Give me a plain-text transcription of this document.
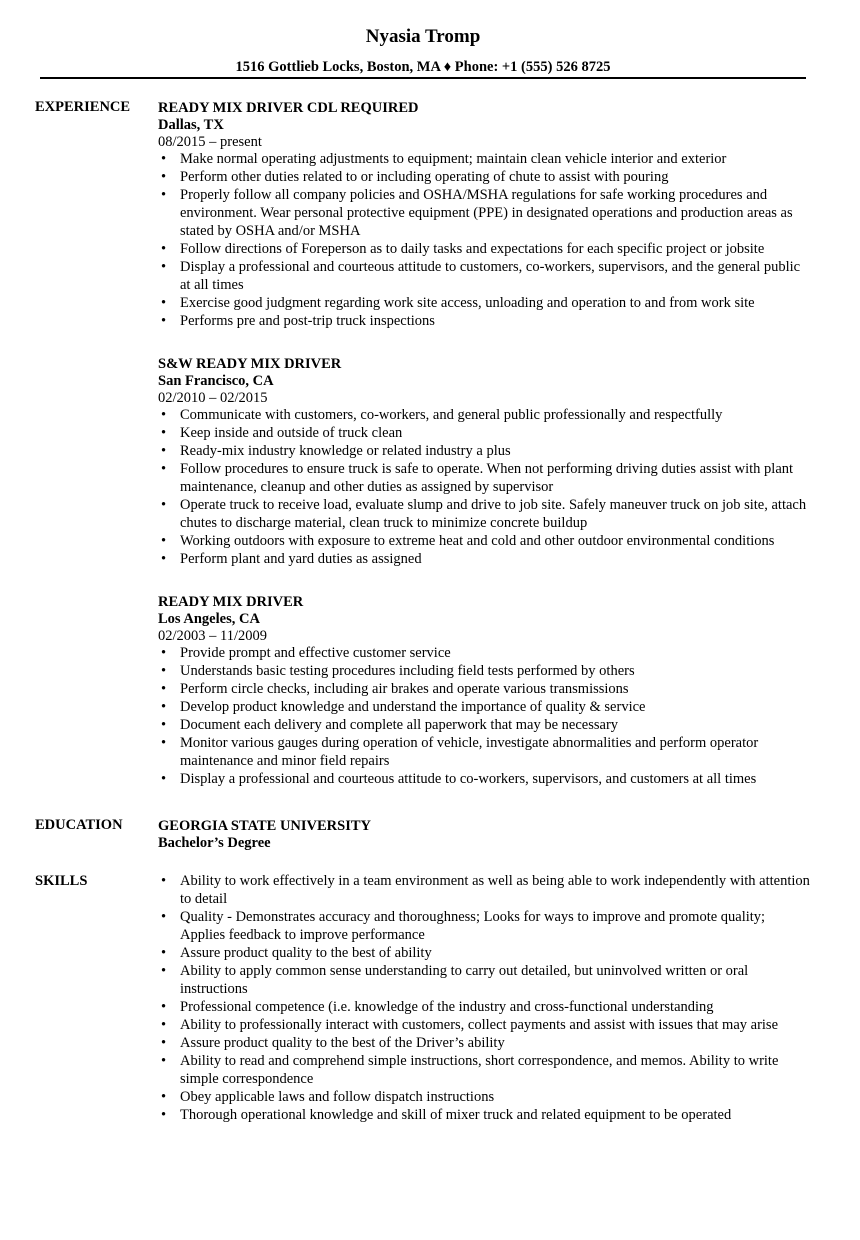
Nyasia Tromp
1516 Gottlieb Locks, Boston, MA ♦ Phone: +1 (555) 526 8725
EXPERIENCE READY MIX DRIVER CDL REQUIRED
Dallas, TX
08/2015 – present
• Make normal operating adjustments to equipment; maintain clean vehicle interior and exterior
• Perform other duties related to or including operating of chute to assist with pouring
• Properly follow all company policies and OSHA/MSHA regulations for safe working procedures and environment. Wear personal protective equipment (PPE) in designated operations and production areas as stated by OSHA and/or MSHA
• Follow directions of Foreperson as to daily tasks and expectations for each specific project or jobsite
• Display a professional and courteous attitude to customers, co-workers, supervisors, and the general public at all times
• Exercise good judgment regarding work site access, unloading and operation to and from work site
• Performs pre and post-trip truck inspections
S&W READY MIX DRIVER
San Francisco, CA
02/2010 – 02/2015
• Communicate with customers, co-workers, and general public professionally and respectfully
• Keep inside and outside of truck clean
• Ready-mix industry knowledge or related industry a plus
• Follow procedures to ensure truck is safe to operate. When not performing driving duties assist with plant maintenance, cleanup and other duties as assigned by supervisor
• Operate truck to receive load, evaluate slump and drive to job site. Safely maneuver truck on job site, attach chutes to discharge material, clean truck to minimize concrete buildup
• Working outdoors with exposure to extreme heat and cold and other outdoor environmental conditions
• Perform plant and yard duties as assigned
READY MIX DRIVER
Los Angeles, CA
02/2003 – 11/2009
• Provide prompt and effective customer service
• Understands basic testing procedures including field tests performed by others
• Perform circle checks, including air brakes and operate various transmissions
• Develop product knowledge and understand the importance of quality & service
• Document each delivery and complete all paperwork that may be necessary
• Monitor various gauges during operation of vehicle, investigate abnormalities and perform operator maintenance and minor field repairs
• Display a professional and courteous attitude to co-workers, supervisors, and customers at all times
EDUCATION GEORGIA STATE UNIVERSITY
Bachelor’s Degree
SKILLS
•	Ability to work effectively in a team environment as well as being able to work independently with attention to detail
• Quality - Demonstrates accuracy and thoroughness; Looks for ways to improve and promote quality; Applies feedback to improve performance
• Assure product quality to the best of ability
• Ability to apply common sense understanding to carry out detailed, but uninvolved written or oral instructions
• Professional competence (i.e. knowledge of the industry and cross-functional understanding
• Ability to professionally interact with customers, collect payments and assist with issues that may arise
• Assure product quality to the best of the Driver’s ability
• Ability to read and comprehend simple instructions, short correspondence, and memos. Ability to write simple correspondence
• Obey applicable laws and follow dispatch instructions
• Thorough operational knowledge and skill of mixer truck and related equipment to be operated
